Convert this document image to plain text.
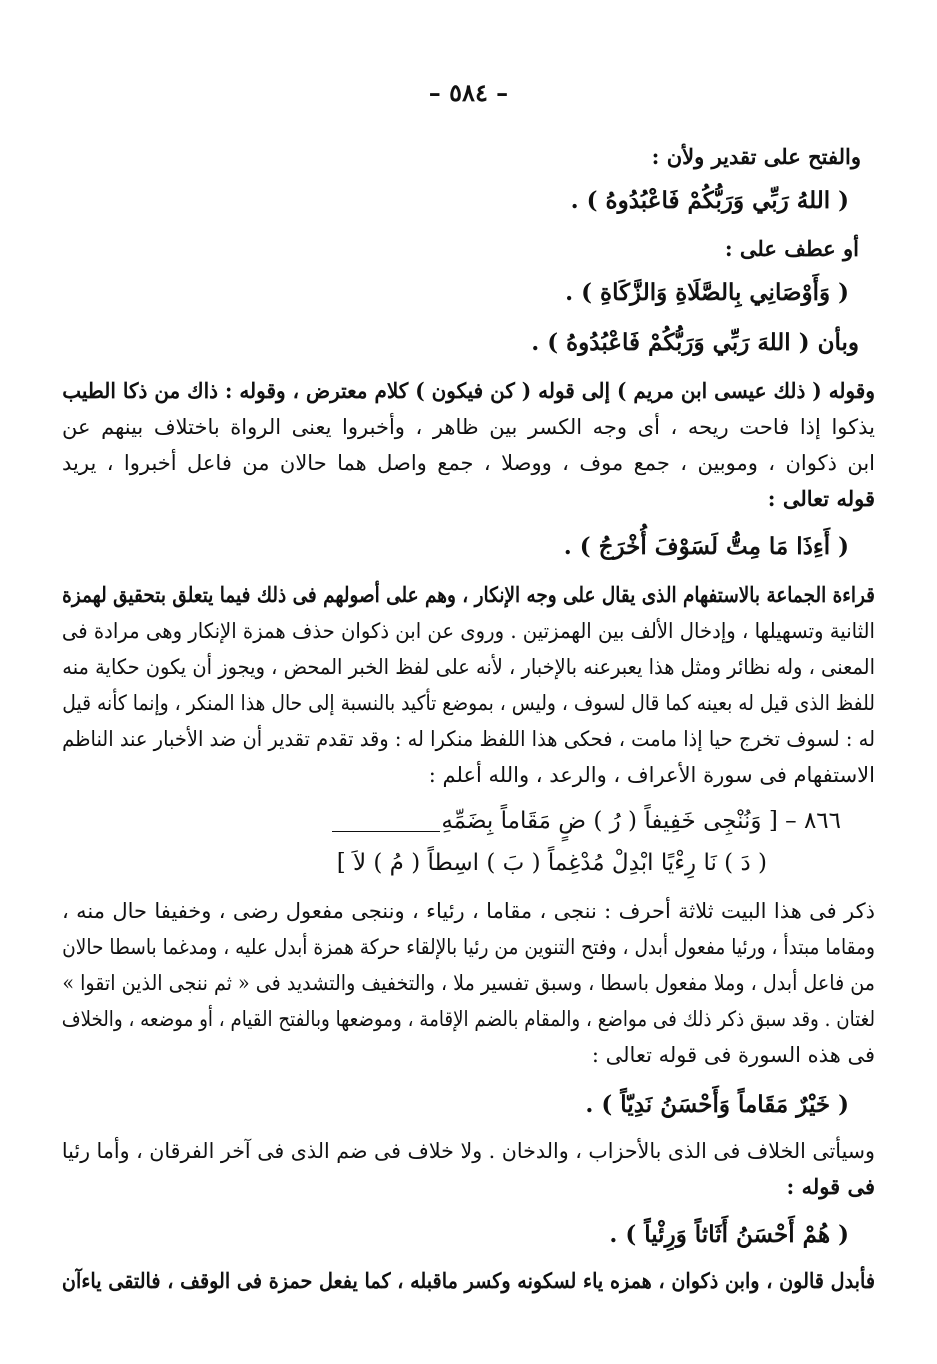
– ٥٨٤ –
والفتح على تقدير ولأن :
( اللهُ رَبِّي وَرَبُّكُمْ فَاعْبُدُوهُ ) .
أو عطف على :
( وَأَوْصَانِي بِالصَّلَاةِ وَالزَّكَاةِ ) .
وبأن ( اللهَ رَبِّي وَرَبُّكُمْ فَاعْبُدُوهُ ) .
وقوله ( ذلك عيسى ابن مريم ) إلى قوله ( كن فيكون ) كلام معترض ، وقوله : ذاك من ذكا الطيب
يذكوا إذا فاحت ريحه ، أى وجه الكسر بين ظاهر ، وأخبروا يعنى الرواة باختلاف بينهم عن
ابن ذكوان ، وموبين ، جمع موف ، ووصلا ، جمع واصل هما حالان من فاعل أخبروا ، يريد
قوله تعالى :
( أَءِذَا مَا مِتُّ لَسَوْفَ أُخْرَجُ ) .
قراءة الجماعة بالاستفهام الذى يقال على وجه الإنكار ، وهم على أصولهم فى ذلك فيما يتعلق بتحقيق لهمزة
الثانية وتسهيلها ، وإدخال الألف بين الهمزتين . وروى عن ابن ذكوان حذف همزة الإنكار وهى مرادة فى
المعنى ، وله نظائر ومثل هذا يعبرعنه بالإخبار ، لأنه على لفظ الخبر المحض ، ويجوز أن يكون حكاية منه
للفظ الذى قيل له بعينه كما قال لسوف ، وليس ، بموضع تأكيد بالنسبة إلى حال هذا المنكر ، وإنما كأنه قيل
له : لسوف تخرج حيا إذا مامت ، فحكى هذا اللفظ منكرا له : وقد تقدم تقدير أن ضد الأخبار عند الناظم
الاستفهام فى سورة الأعراف ، والرعد ، والله أعلم :
٨٦٦ – [ وَنُنْجِى خَفِيفاً ( رُ ) ضٍ مَقَاماً بِضَمِّهِ
( دَ ) نَا رِءْيًا ابْدِلْ مُدْغِماً ( بَ ) اسِطاً ( مُ ) لاَ ]
ذكر فى هذا البيت ثلاثة أحرف : ننجى ، مقاما ، رئياء ، وننجى مفعول رضى ، وخفيفا حال منه ،
ومقاما مبتدأ ، ورئيا مفعول أبدل ، وفتح التنوين من رئيا بالإلقاء حركة همزة أبدل عليه ، ومدغما باسطا حالان
من فاعل أبدل ، وملا مفعول باسطا ، وسبق تفسير ملا ، والتخفيف والتشديد فى « ثم ننجى الذين اتقوا »
لغتان . وقد سبق ذكر ذلك فى مواضع ، والمقام بالضم الإقامة ، وموضعها وبالفتح القيام ، أو موضعه ، والخلاف
فى هذه السورة فى قوله تعالى :
( خَيْرٌ مَقَاماً وَأَحْسَنُ نَدِيّاً ) .
وسيأتى الخلاف فى الذى بالأحزاب ، والدخان . ولا خلاف فى ضم الذى فى آخر الفرقان ، وأما رئيا
فى قوله :
( هُمْ أَحْسَنُ أَثَاثاً وَرِئْياً ) .
فأبدل قالون ، وابن ذكوان ، همزه ياء لسكونه وكسر ماقبله ، كما يفعل حمزة فى الوقف ، فالتقى ياءآن
